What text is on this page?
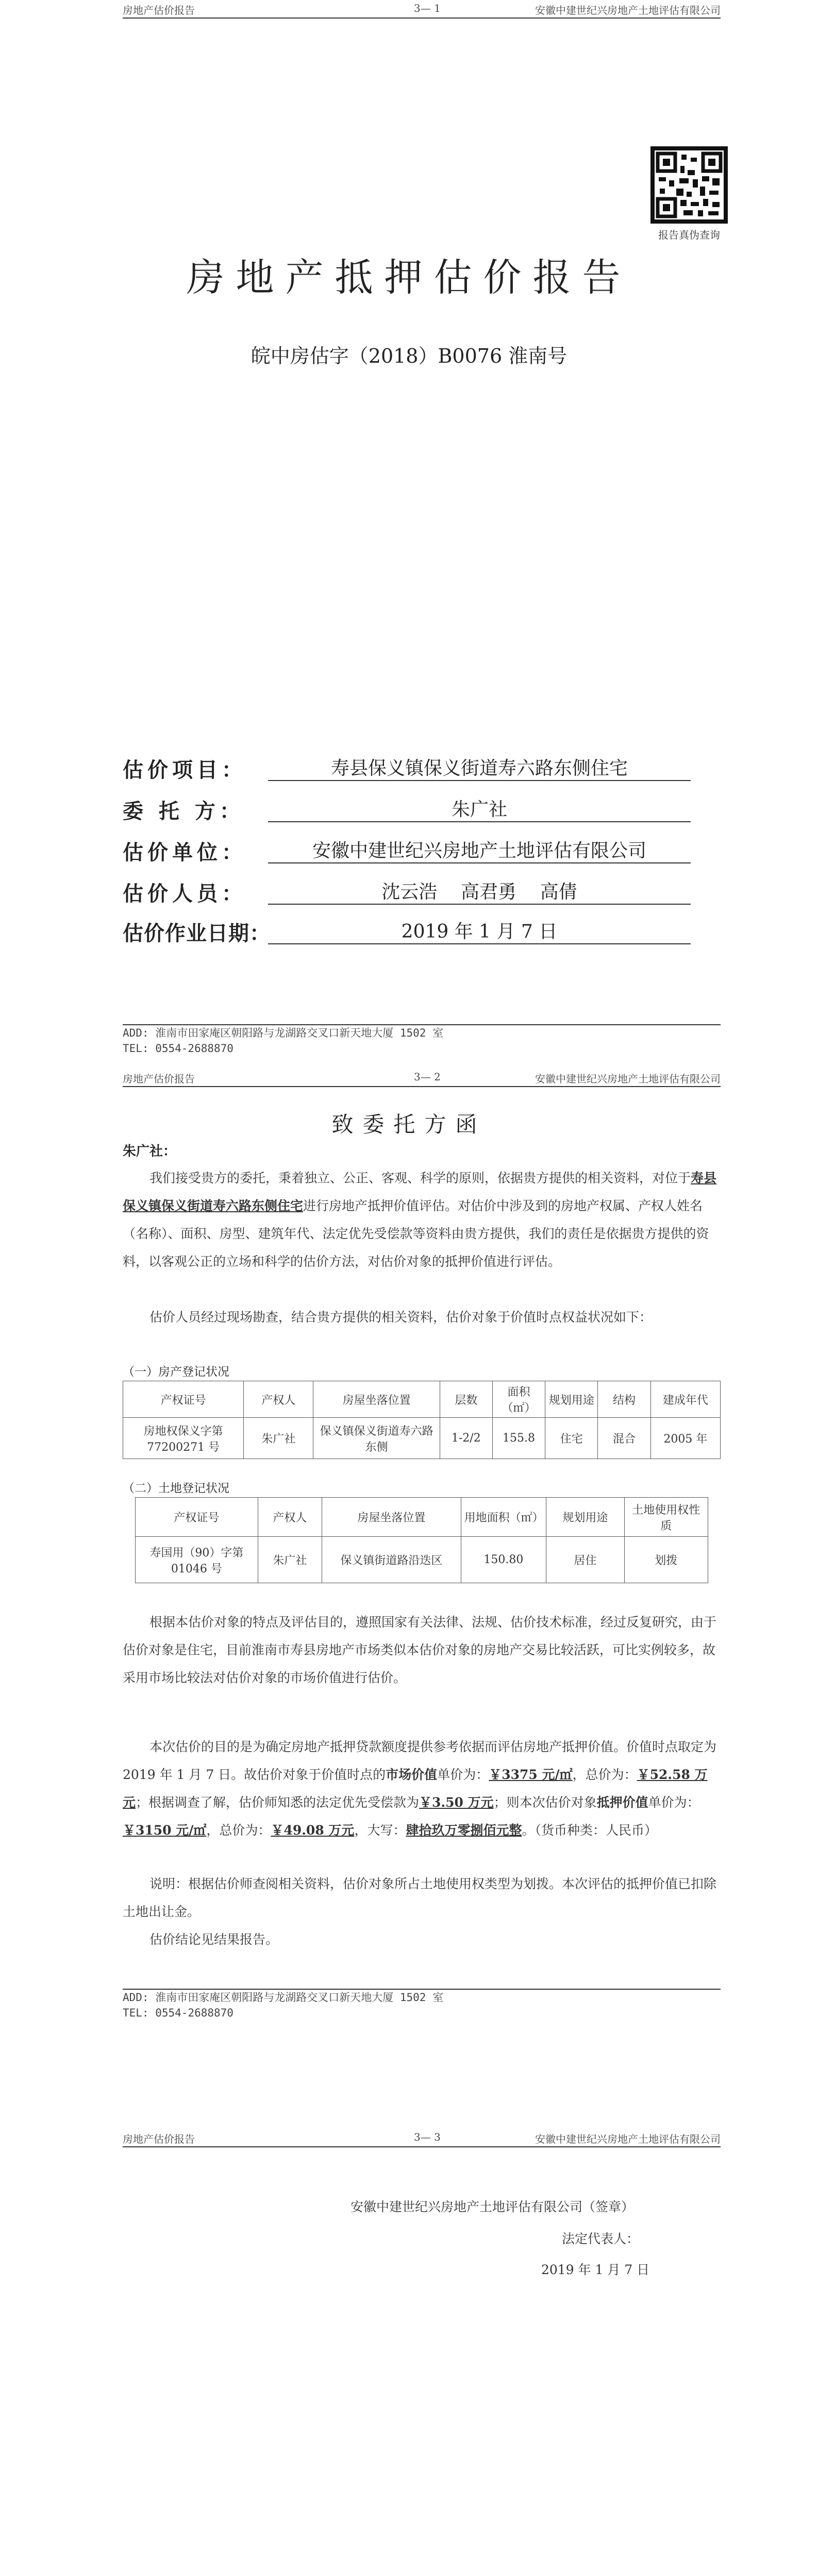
房地产估价报告	3— 1	安徽中建世纪兴房地产土地评估有限公司
报告真伪查询
房地产抵押估价报告
皖中房估字（2018）B0076 淮南号
估价项目：	寿县保义镇保义街道寿六路东侧住宅
委 托 方：	朱广社
估价单位：	安徽中建世纪兴房地产土地评估有限公司
估价人员：	沈云浩    高君勇    高倩
估价作业日期：	2019 年 1 月 7 日
ADD: 淮南市田家庵区朝阳路与龙湖路交叉口新天地大厦 1502 室
TEL: 0554-2688870
房地产估价报告	3— 2	安徽中建世纪兴房地产土地评估有限公司
致委托方函
朱广社：
我们接受贵方的委托，秉着独立、公正、客观、科学的原则，依据贵方提供的相关资料，对位于寿县保义镇保义街道寿六路东侧住宅进行房地产抵押价值评估。对估价中涉及到的房地产权属、产权人姓名（名称）、面积、房型、建筑年代、法定优先受偿款等资料由贵方提供，我们的责任是依据贵方提供的资料，以客观公正的立场和科学的估价方法，对估价对象的抵押价值进行评估。
估价人员经过现场勘查，结合贵方提供的相关资料，估价对象于价值时点权益状况如下：
（一）房产登记状况
产权证号	产权人	房屋坐落位置	层数	面积（㎡）	规划用途	结构	建成年代
房地权保义字第 77200271 号	朱广社	保义镇保义街道寿六路东侧	1-2/2	155.8	住宅	混合	2005 年
（二）土地登记状况
产权证号	产权人	房屋坐落位置	用地面积（㎡）	规划用途	土地使用权性质
寿国用（90）字第 01046 号	朱广社	保义镇街道路沿迭区	150.80	居住	划拨
根据本估价对象的特点及评估目的，遵照国家有关法律、法规、估价技术标准，经过反复研究，由于估价对象是住宅，目前淮南市寿县房地产市场类似本估价对象的房地产交易比较活跃，可比实例较多，故采用市场比较法对估价对象的市场价值进行估价。
本次估价的目的是为确定房地产抵押贷款额度提供参考依据而评估房地产抵押价值。价值时点取定为 2019 年 1 月 7 日。故估价对象于价值时点的市场价值单价为：￥3375 元/㎡，总价为：￥52.58 万元；根据调查了解，估价师知悉的法定优先受偿款为￥3.50 万元；则本次估价对象抵押价值单价为：￥3150 元/㎡，总价为：￥49.08 万元，大写：肆拾玖万零捌佰元整。（货币种类：人民币）
说明：根据估价师查阅相关资料，估价对象所占土地使用权类型为划拨。本次评估的抵押价值已扣除土地出让金。
估价结论见结果报告。
ADD: 淮南市田家庵区朝阳路与龙湖路交叉口新天地大厦 1502 室
TEL: 0554-2688870
房地产估价报告	3— 3	安徽中建世纪兴房地产土地评估有限公司
安徽中建世纪兴房地产土地评估有限公司（签章）
法定代表人：
2019 年 1 月 7 日
